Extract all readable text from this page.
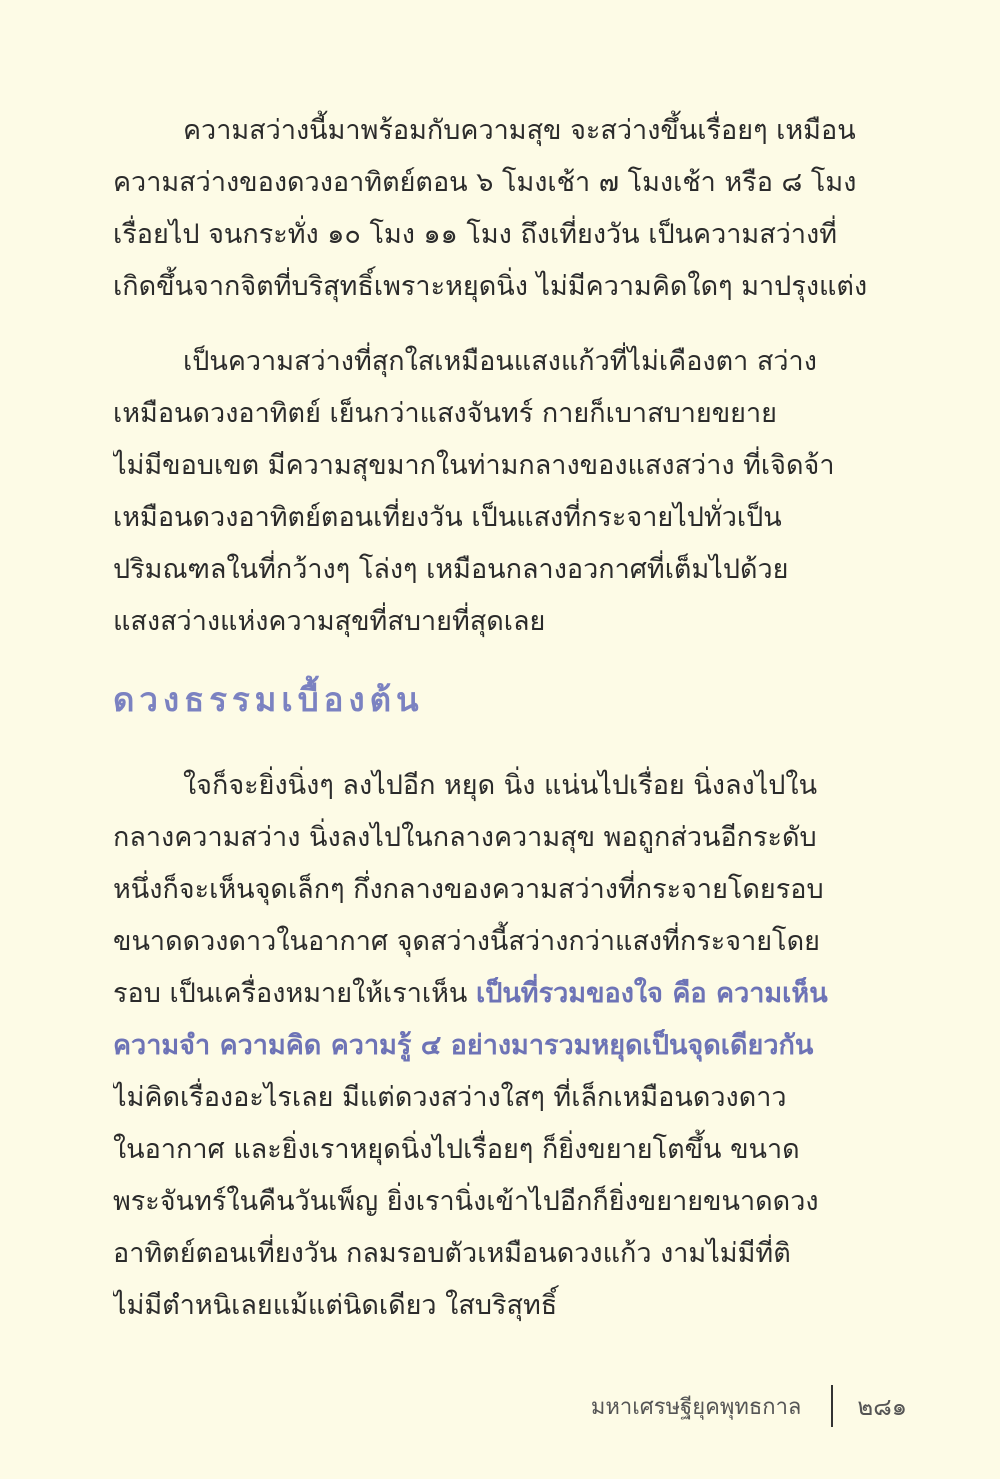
ความสว่างนี้มาพร้อมกับความสุข จะสว่างขึ้นเรื่อยๆ เหมือน
ความสว่างของดวงอาทิตย์ตอน ๖ โมงเช้า ๗ โมงเช้า หรือ ๘ โมง
เรื่อยไป จนกระทั่ง ๑๐ โมง ๑๑ โมง ถึงเที่ยงวัน เป็นความสว่างที่
เกิดขึ้นจากจิตที่บริสุทธิ์เพราะหยุดนิ่ง ไม่มีความคิดใดๆ มาปรุงแต่ง

เป็นความสว่างที่สุกใสเหมือนแสงแก้วที่ไม่เคืองตา สว่าง
เหมือนดวงอาทิตย์ เย็นกว่าแสงจันทร์ กายก็เบาสบายขยาย
ไม่มีขอบเขต มีความสุขมากในท่ามกลางของแสงสว่าง ที่เจิดจ้า
เหมือนดวงอาทิตย์ตอนเที่ยงวัน เป็นแสงที่กระจายไปทั่วเป็น
ปริมณฑลในที่กว้างๆ โล่งๆ เหมือนกลางอวกาศที่เต็มไปด้วย
แสงสว่างแห่งความสุขที่สบายที่สุดเลย

ดวงธรรมเบื้องต้น

ใจก็จะยิ่งนิ่งๆ ลงไปอีก หยุด นิ่ง แน่นไปเรื่อย นิ่งลงไปใน
กลางความสว่าง นิ่งลงไปในกลางความสุข พอถูกส่วนอีกระดับ
หนึ่งก็จะเห็นจุดเล็กๆ กึ่งกลางของความสว่างที่กระจายโดยรอบ
ขนาดดวงดาวในอากาศ จุดสว่างนี้สว่างกว่าแสงที่กระจายโดย
รอบ เป็นเครื่องหมายให้เราเห็น เป็นที่รวมของใจ คือ ความเห็น
ความจำ ความคิด ความรู้ ๔ อย่างมารวมหยุดเป็นจุดเดียวกัน
ไม่คิดเรื่องอะไรเลย มีแต่ดวงสว่างใสๆ ที่เล็กเหมือนดวงดาว
ในอากาศ และยิ่งเราหยุดนิ่งไปเรื่อยๆ ก็ยิ่งขยายโตขึ้น ขนาด
พระจันทร์ในคืนวันเพ็ญ ยิ่งเรานิ่งเข้าไปอีกก็ยิ่งขยายขนาดดวง
อาทิตย์ตอนเที่ยงวัน กลมรอบตัวเหมือนดวงแก้ว งามไม่มีที่ติ
ไม่มีตำหนิเลยแม้แต่นิดเดียว ใสบริสุทธิ์

มหาเศรษฐียุคพุทธกาล ๒๘๑
